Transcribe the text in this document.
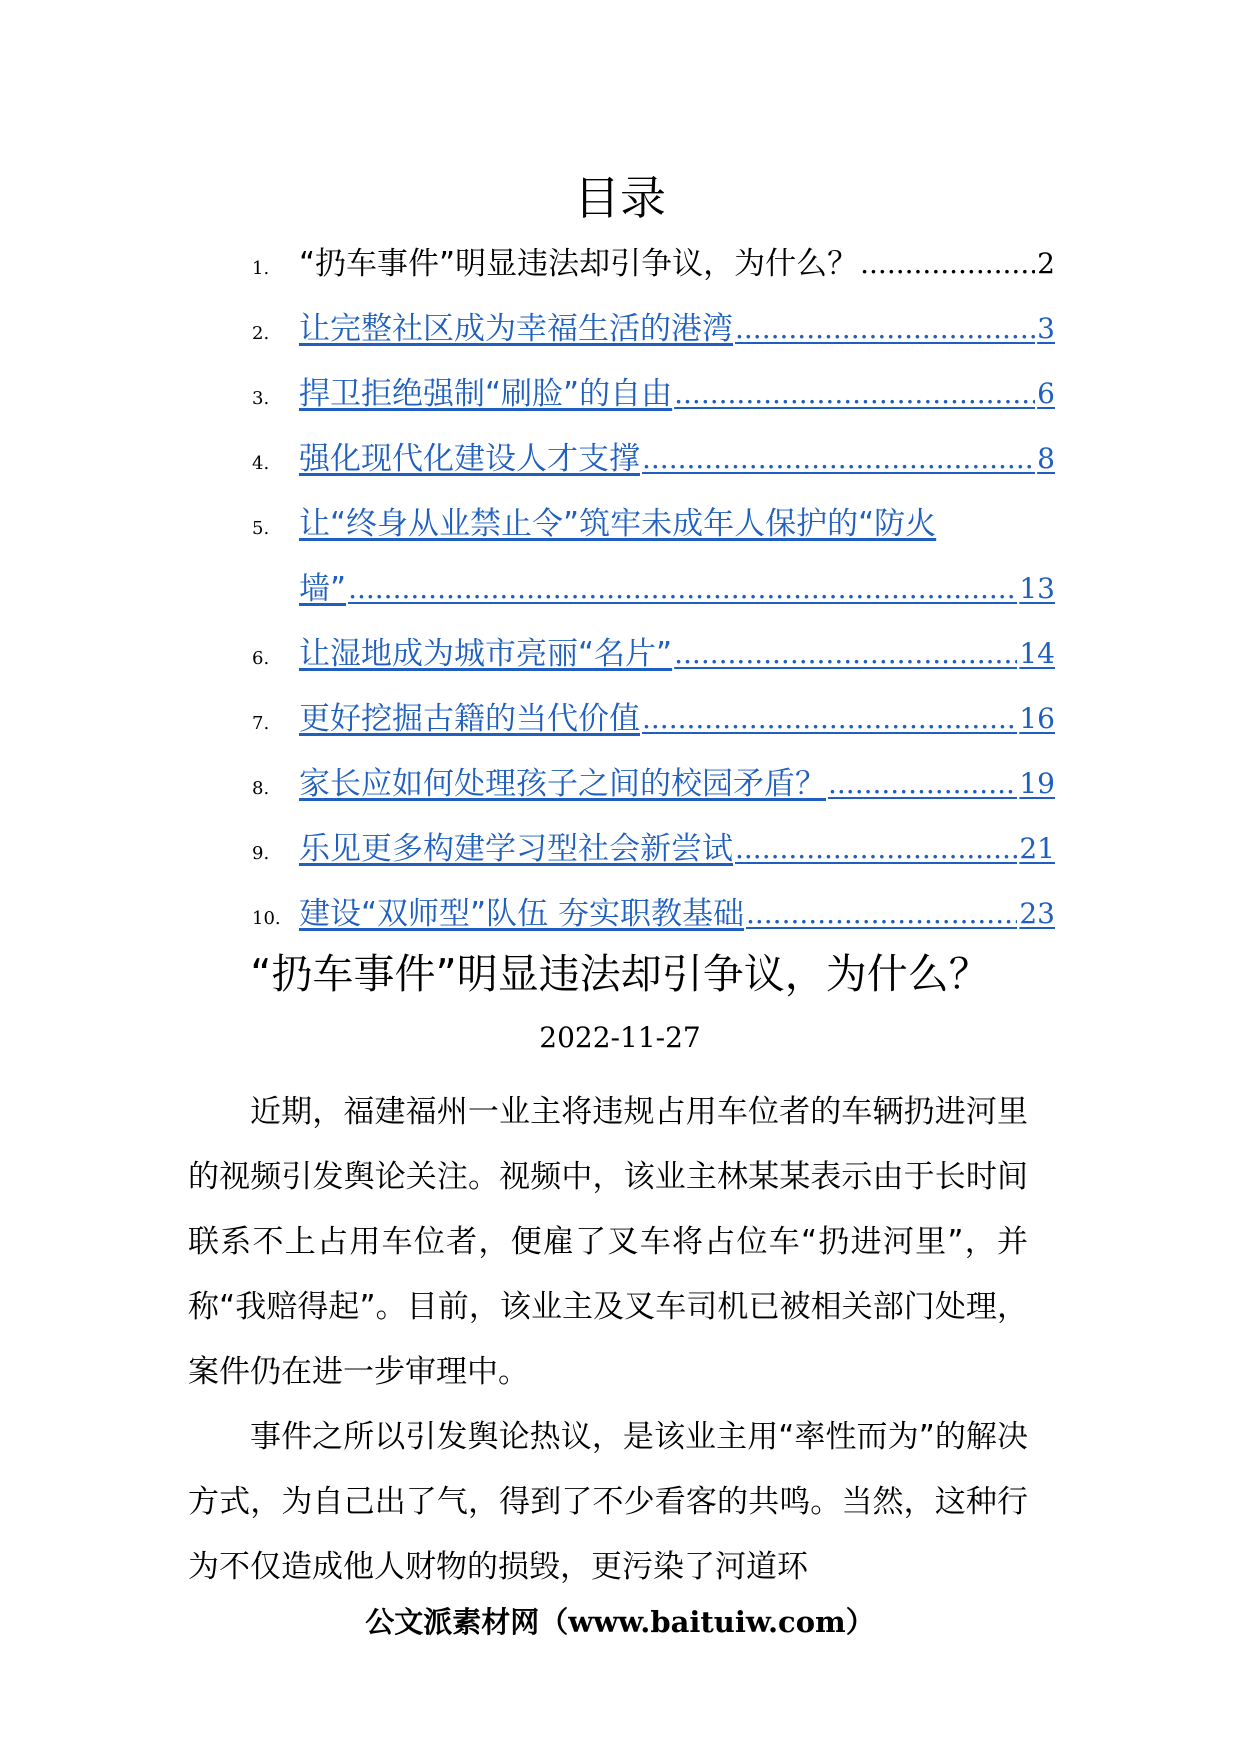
目录
1. “扔车事件”明显违法却引争议，为什么？ .....	2
2. 让完整社区成为幸福生活的港湾 .....	3
3. 捍卫拒绝强制“刷脸”的自由 .....	6
4. 强化现代化建设人才支撑 .....	8
5. 让“终身从业禁止令”筑牢未成年人保护的“防火
墙” .....	13
6. 让湿地成为城市亮丽“名片” .....	14
7. 更好挖掘古籍的当代价值 .....	16
8. 家长应如何处理孩子之间的校园矛盾？ .....	19
9. 乐见更多构建学习型社会新尝试 .....	21
10. 建设“双师型”队伍 夯实职教基础 .....	23
“扔车事件”明显违法却引争议，为什么？
2022-11-27

近期，福建福州一业主将违规占用车位者的车辆扔进河里的视频引发舆论关注。视频中，该业主林某某表示由于长时间联系不上占用车位者，便雇了叉车将占位车“扔进河里”，并称“我赔得起”。目前，该业主及叉车司机已被相关部门处理，案件仍在进一步审理中。

事件之所以引发舆论热议，是该业主用“率性而为”的解决方式，为自己出了气，得到了不少看客的共鸣。当然，这种行为不仅造成他人财物的损毁，更污染了河道环

公文派素材网（www.baituiw.com）
